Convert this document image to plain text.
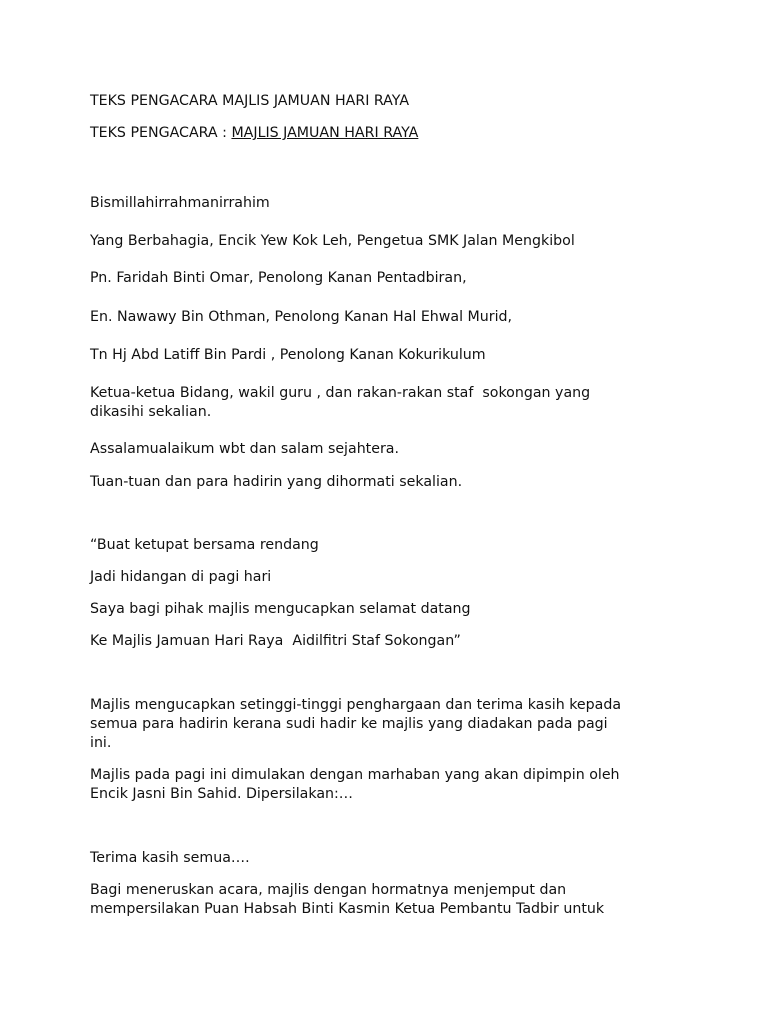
TEKS PENGACARA MAJLIS JAMUAN HARI RAYA

TEKS PENGACARA : MAJLIS JAMUAN HARI RAYA

Bismillahirrahmanirrahim

Yang Berbahagia, Encik Yew Kok Leh, Pengetua SMK Jalan Mengkibol

Pn. Faridah Binti Omar, Penolong Kanan Pentadbiran,

En. Nawawy Bin Othman, Penolong Kanan Hal Ehwal Murid,

Tn Hj Abd Latiff Bin Pardi , Penolong Kanan Kokurikulum

Ketua-ketua Bidang, wakil guru , dan rakan-rakan staf  sokongan yang
dikasihi sekalian.

Assalamualaikum wbt dan salam sejahtera.

Tuan-tuan dan para hadirin yang dihormati sekalian.

“Buat ketupat bersama rendang

Jadi hidangan di pagi hari

Saya bagi pihak majlis mengucapkan selamat datang

Ke Majlis Jamuan Hari Raya  Aidilfitri Staf Sokongan”

Majlis mengucapkan setinggi-tinggi penghargaan dan terima kasih kepada
semua para hadirin kerana sudi hadir ke majlis yang diadakan pada pagi
ini.

Majlis pada pagi ini dimulakan dengan marhaban yang akan dipimpin oleh
Encik Jasni Bin Sahid. Dipersilakan:…

Terima kasih semua….

Bagi meneruskan acara, majlis dengan hormatnya menjemput dan
mempersilakan Puan Habsah Binti Kasmin Ketua Pembantu Tadbir untuk
